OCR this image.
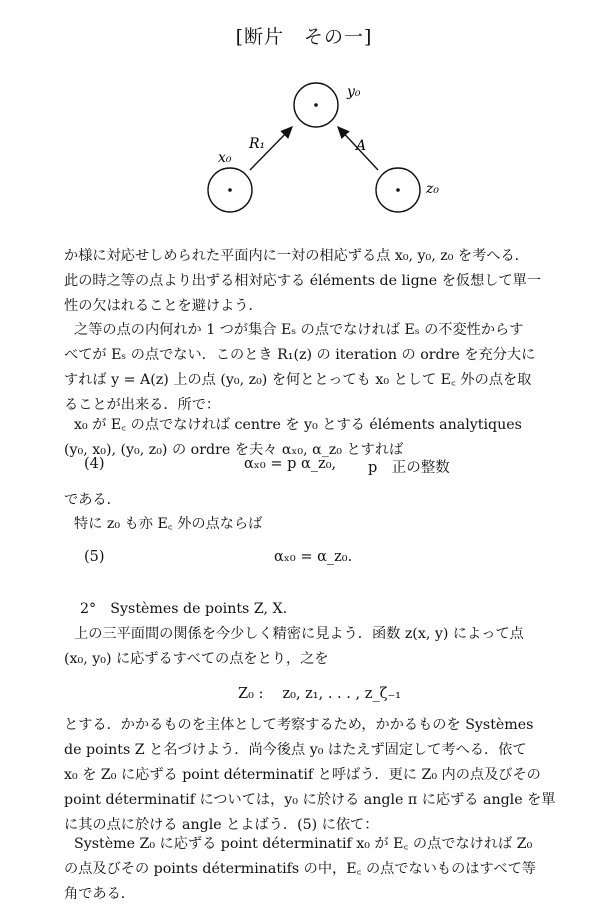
[断片　その一]
y₀
x₀
z₀
R₁	A
か様に対応せしめられた平面内に一対の相応ずる点 x₀, y₀, z₀ を考へる．
此の時之等の点より出ずる相対応する éléments de ligne を仮想して單一
性の欠はれることを避けよう．
之等の点の内何れか 1 つが集合 Eₛ の点でなければ Eₛ の不変性からす
べてが Eₛ の点でない．このとき R₁(z) の iteration の ordre を充分大に
すれば y = A(z) 上の点 (y₀, z₀) を何ととっても x₀ として E꜀ 外の点を取
ることが出来る．所で：
x₀ が E꜀ の点でなければ centre を y₀ とする éléments analytiques
(y₀, x₀), (y₀, z₀) の ordre を夫々 αₓ₀, α_z₀ とすれば
(4)	αₓ₀ = p α_z₀, p　正の整数
である．
特に z₀ も亦 E꜀ 外の点ならば
(5)	αₓ₀ = α_z₀.
2°　Systèmes de points Z, X.
上の三平面間の関係を今少しく精密に見よう．函数 z(x, y) によって点
(x₀, y₀) に応ずるすべての点をとり，之を
Z₀ :　 z₀, z₁, . . . , z_ζ₋₁
とする．かかるものを主体として考察するため，かかるものを Systèmes
de points Z と名づけよう．尚今後点 y₀ はたえず固定して考へる．依て
x₀ を Z₀ に応ずる point déterminatif と呼ばう．更に Z₀ 内の点及びその
point déterminatif については，y₀ に於ける angle π に応ずる angle を單
に其の点に於ける angle とよばう．(5) に依て：
Système Z₀ に応ずる point déterminatif x₀ が E꜀ の点でなければ Z₀
の点及びその points déterminatifs の中，E꜀ の点でないものはすべて等
角である．
